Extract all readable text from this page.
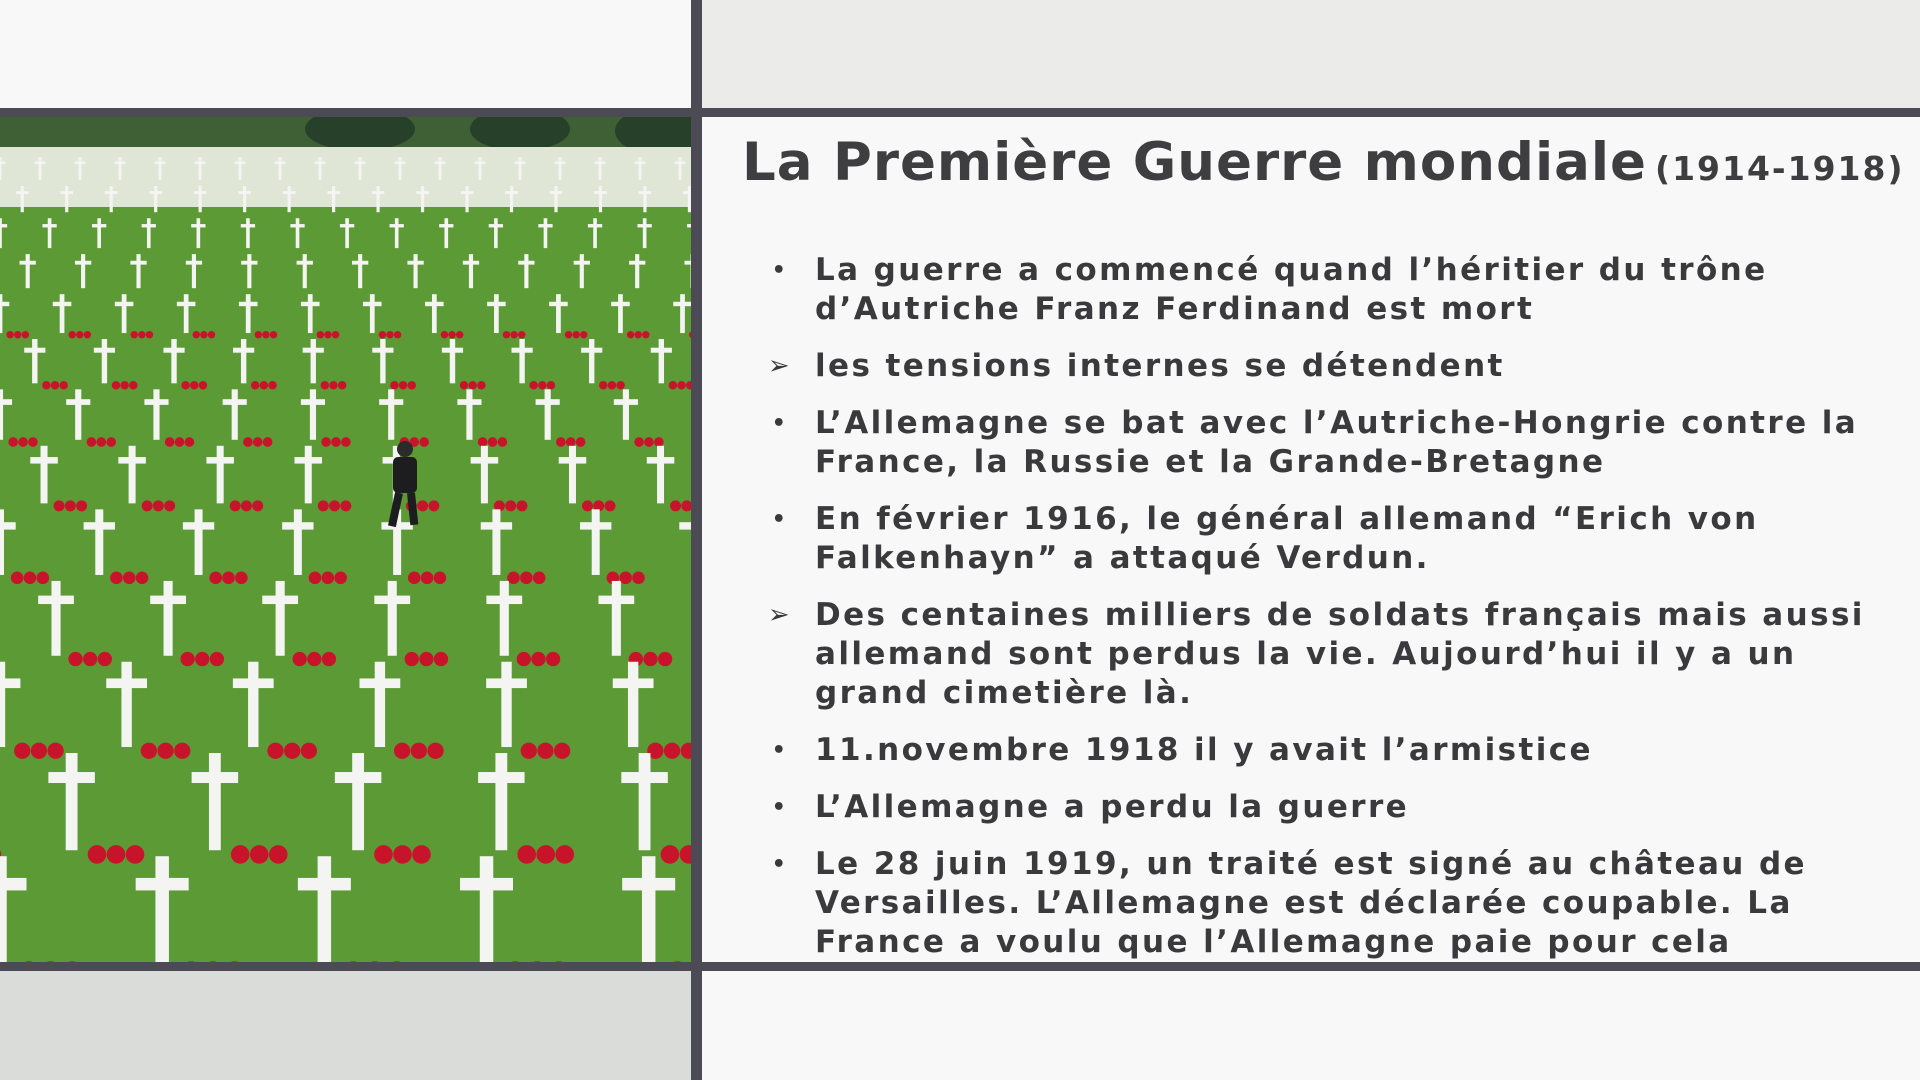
La Première Guerre mondiale (1914-1918)
• La guerre a commencé quand l’héritier du trône d’Autriche Franz Ferdinand est mort
➢ les tensions internes se détendent
• L’Allemagne se bat avec l’Autriche-Hongrie contre la France, la Russie et la Grande-Bretagne
• En février 1916, le général allemand “Erich von Falkenhayn” a attaqué Verdun.
➢ Des centaines milliers de soldats français mais aussi allemand sont perdus la vie. Aujourd’hui il y a un grand cimetière là.
• 11.novembre 1918 il y avait l’armistice
• L’Allemagne a perdu la guerre
• Le 28 juin 1919, un traité est signé au château de Versailles. L’Allemagne est déclarée coupable. La France a voulu que l’Allemagne paie pour cela
